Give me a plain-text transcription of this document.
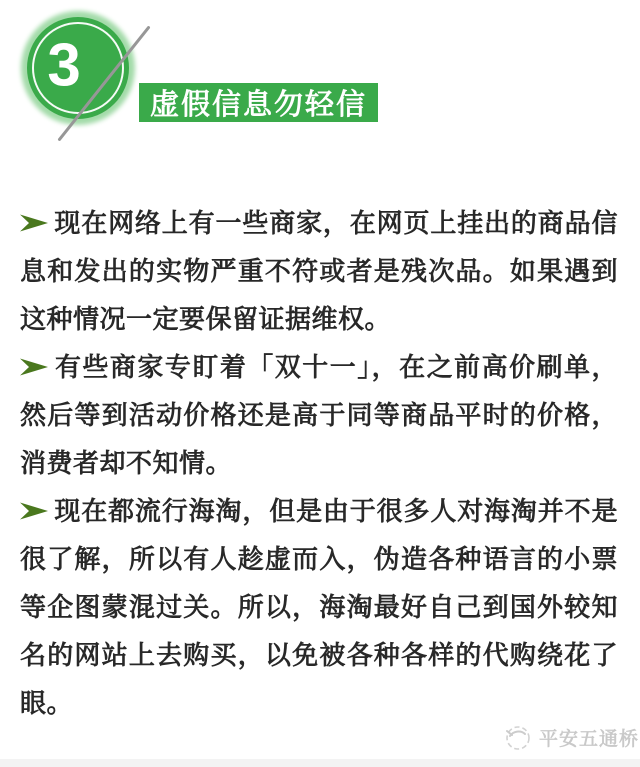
3
虚假信息勿轻信

现在网络上有一些商家，在网页上挂出的商品信息和发出的实物严重不符或者是残次品。如果遇到这种情况一定要保留证据维权。

有些商家专盯着「双十一」，在之前高价刷单，然后等到活动价格还是高于同等商品平时的价格，消费者却不知情。

现在都流行海淘，但是由于很多人对海淘并不是很了解，所以有人趁虚而入，伪造各种语言的小票等企图蒙混过关。所以，海淘最好自己到国外较知名的网站上去购买，以免被各种各样的代购绕花了眼。

平安五通桥
